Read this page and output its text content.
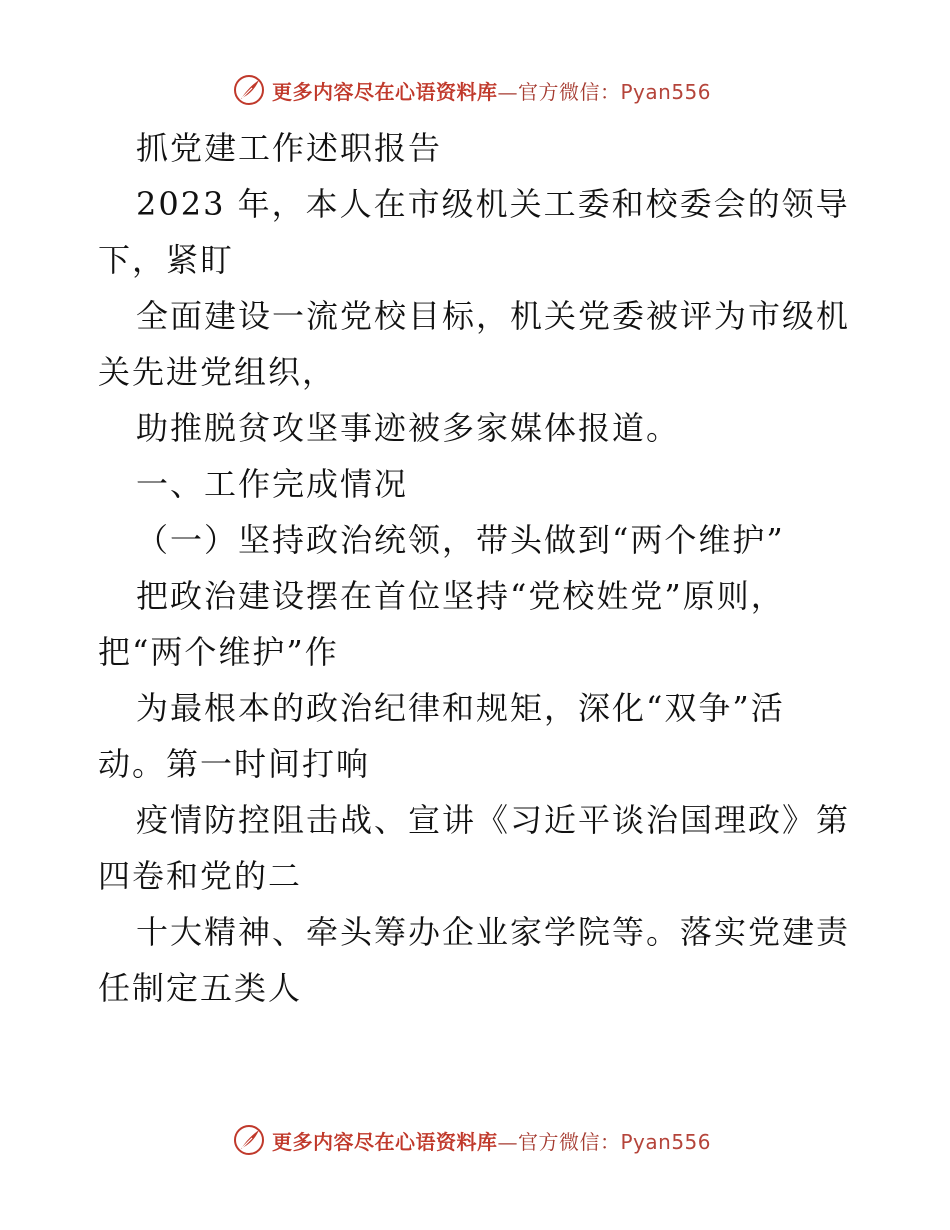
更多内容尽在心语资料库—官方微信：Pyan556
抓党建工作述职报告
2023 年，本人在市级机关工委和校委会的领导
下，紧盯
全面建设一流党校目标，机关党委被评为市级机
关先进党组织，
助推脱贫攻坚事迹被多家媒体报道。
一、工作完成情况
（一）坚持政治统领，带头做到“两个维护”
把政治建设摆在首位坚持“党校姓党”原则，
把“两个维护”作
为最根本的政治纪律和规矩，深化“双争”活
动。第一时间打响
疫情防控阻击战、宣讲《习近平谈治国理政》第
四卷和党的二
十大精神、牵头筹办企业家学院等。落实党建责
任制定五类人
更多内容尽在心语资料库—官方微信：Pyan556
